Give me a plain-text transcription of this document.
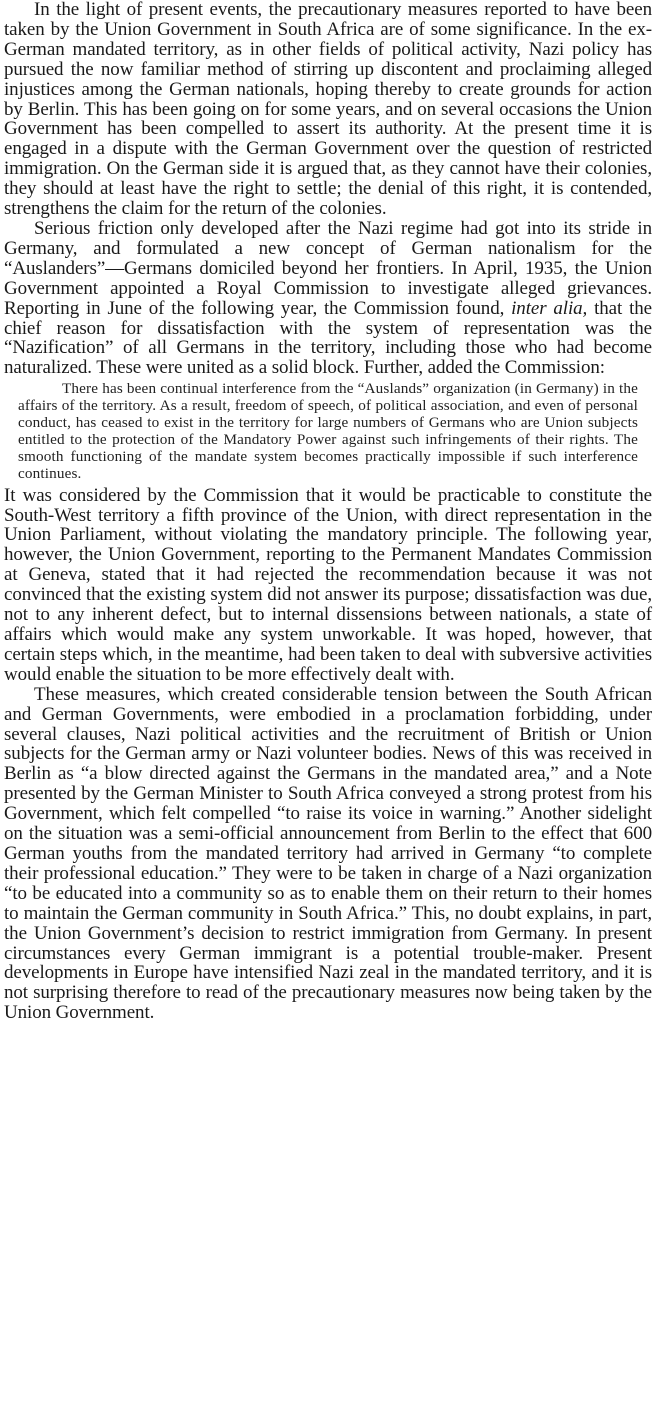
In the light of present events, the precautionary measures reported to have been taken by the Union Government in South Africa are of some significance. In the ex-German mandated territory, as in other fields of political activity, Nazi policy has pursued the now familiar method of stirring up discontent and proclaiming alleged injustices among the German nationals, hoping thereby to create grounds for action by Berlin. This has been going on for some years, and on several occasions the Union Government has been compelled to assert its authority. At the present time it is engaged in a dispute with the German Government over the question of restricted immigration. On the German side it is argued that, as they cannot have their colonies, they should at least have the right to settle; the denial of this right, it is contended, strengthens the claim for the return of the colonies.

Serious friction only developed after the Nazi regime had got into its stride in Germany, and formulated a new concept of German nationalism for the “Auslanders”—Germans domiciled beyond her frontiers. In April, 1935, the Union Government appointed a Royal Commission to investigate alleged grievances. Reporting in June of the following year, the Commission found, inter alia, that the chief reason for dissatisfaction with the system of representation was the “Nazification” of all Germans in the territory, including those who had become naturalized. These were united as a solid block. Further, added the Commission:

There has been continual interference from the “Auslands” organization (in Germany) in the affairs of the territory. As a result, freedom of speech, of political association, and even of personal conduct, has ceased to exist in the territory for large numbers of Germans who are Union subjects entitled to the protection of the Mandatory Power against such infringements of their rights. The smooth functioning of the mandate system becomes practically impossible if such interference continues.

It was considered by the Commission that it would be practicable to constitute the South-West territory a fifth province of the Union, with direct representation in the Union Parliament, without violating the mandatory principle. The following year, however, the Union Government, reporting to the Permanent Mandates Commission at Geneva, stated that it had rejected the recommendation because it was not convinced that the existing system did not answer its purpose; dissatisfaction was due, not to any inherent defect, but to internal dissensions between nationals, a state of affairs which would make any system unworkable. It was hoped, however, that certain steps which, in the meantime, had been taken to deal with subversive activities would enable the situation to be more effectively dealt with.

These measures, which created considerable tension between the South African and German Governments, were embodied in a proclamation forbidding, under several clauses, Nazi political activities and the recruitment of British or Union subjects for the German army or Nazi volunteer bodies. News of this was received in Berlin as “a blow directed against the Germans in the mandated area,” and a Note presented by the German Minister to South Africa conveyed a strong protest from his Government, which felt compelled “to raise its voice in warning.” Another sidelight on the situation was a semi-official announcement from Berlin to the effect that 600 German youths from the mandated territory had arrived in Germany “to complete their professional education.” They were to be taken in charge of a Nazi organization “to be educated into a community so as to enable them on their return to their homes to maintain the German community in South Africa.” This, no doubt explains, in part, the Union Government’s decision to restrict immigration from Germany. In present circumstances every German immigrant is a potential trouble-maker. Present developments in Europe have intensified Nazi zeal in the mandated territory, and it is not surprising therefore to read of the precautionary measures now being taken by the Union Government.
